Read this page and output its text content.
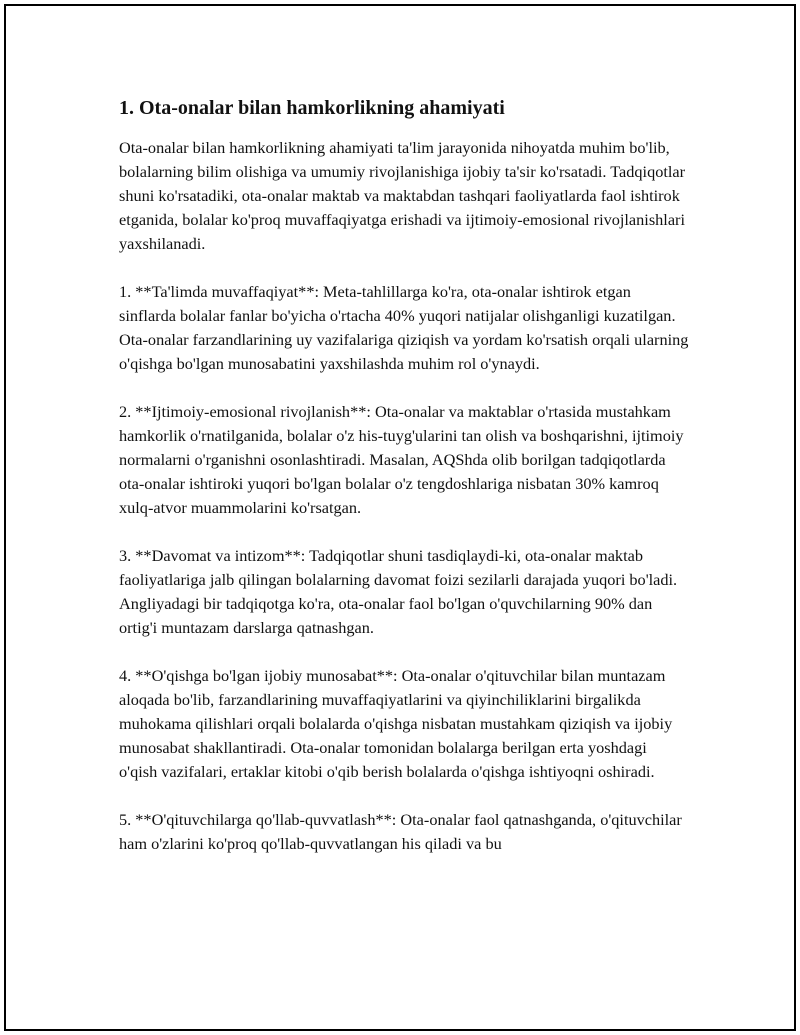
1. Ota-onalar bilan hamkorlikning ahamiyati

Ota-onalar bilan hamkorlikning ahamiyati ta'lim jarayonida nihoyatda muhim bo'lib, bolalarning bilim olishiga va umumiy rivojlanishiga ijobiy ta'sir ko'rsatadi. Tadqiqotlar shuni ko'rsatadiki, ota-onalar maktab va maktabdan tashqari faoliyatlarda faol ishtirok etganida, bolalar ko'proq muvaffaqiyatga erishadi va ijtimoiy-emosional rivojlanishlari yaxshilanadi.

1. **Ta'limda muvaffaqiyat**: Meta-tahlillarga ko'ra, ota-onalar ishtirok etgan sinflarda bolalar fanlar bo'yicha o'rtacha 40% yuqori natijalar olishganligi kuzatilgan. Ota-onalar farzandlarining uy vazifalariga qiziqish va yordam ko'rsatish orqali ularning o'qishga bo'lgan munosabatini yaxshilashda muhim rol o'ynaydi.

2. **Ijtimoiy-emosional rivojlanish**: Ota-onalar va maktablar o'rtasida mustahkam hamkorlik o'rnatilganida, bolalar o'z his-tuyg'ularini tan olish va boshqarishni, ijtimoiy normalarni o'rganishni osonlashtiradi. Masalan, AQShda olib borilgan tadqiqotlarda ota-onalar ishtiroki yuqori bo'lgan bolalar o'z tengdoshlariga nisbatan 30% kamroq xulq-atvor muammolarini ko'rsatgan.

3. **Davomat va intizom**: Tadqiqotlar shuni tasdiqlaydi-ki, ota-onalar maktab faoliyatlariga jalb qilingan bolalarning davomat foizi sezilarli darajada yuqori bo'ladi. Angliyadagi bir tadqiqotga ko'ra, ota-onalar faol bo'lgan o'quvchilarning 90% dan ortig'i muntazam darslarga qatnashgan.

4. **O'qishga bo'lgan ijobiy munosabat**: Ota-onalar o'qituvchilar bilan muntazam aloqada bo'lib, farzandlarining muvaffaqiyatlarini va qiyinchiliklarini birgalikda muhokama qilishlari orqali bolalarda o'qishga nisbatan mustahkam qiziqish va ijobiy munosabat shakllantiradi. Ota-onalar tomonidan bolalarga berilgan erta yoshdagi o'qish vazifalari, ertaklar kitobi o'qib berish bolalarda o'qishga ishtiyoqni oshiradi.

5. **O'qituvchilarga qo'llab-quvvatlash**: Ota-onalar faol qatnashganda, o'qituvchilar ham o'zlarini ko'proq qo'llab-quvvatlangan his qiladi va bu
